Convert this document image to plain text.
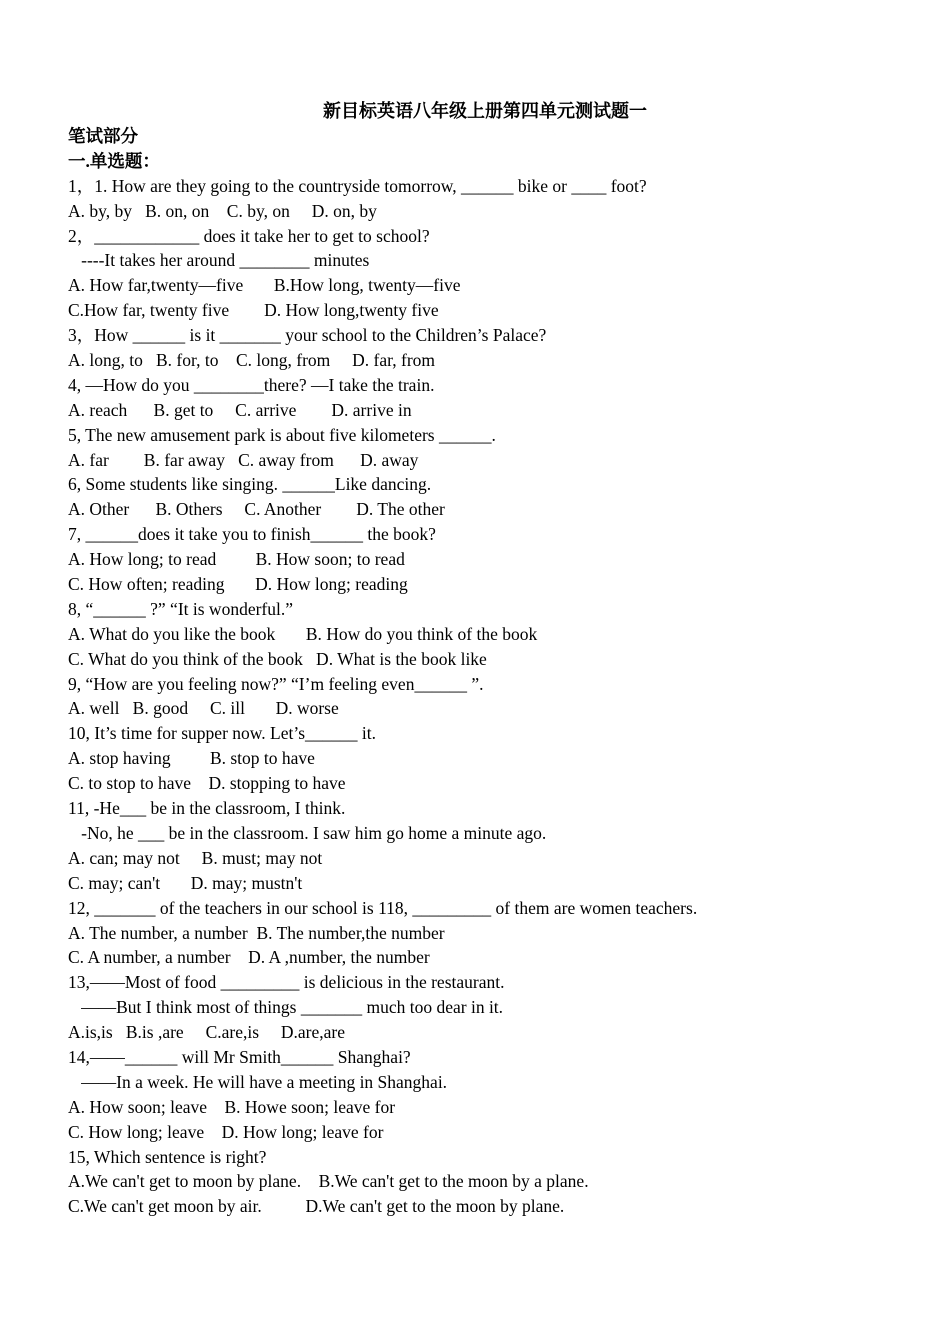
新目标英语八年级上册第四单元测试题一
笔试部分
一.单选题：
1，1. How are they going to the countryside tomorrow, ______ bike or ____ foot?
A. by, by   B. on, on    C. by, on     D. on, by
2，____________ does it take her to get to school?
----It takes her around ________ minutes
A. How far,twenty—five       B.How long, twenty—five
C.How far, twenty five        D. How long,twenty five
3，How ______ is it _______ your school to the Children’s Palace?
A. long, to   B. for, to    C. long, from     D. far, from
4, —How do you ________there? —I take the train.
A. reach      B. get to     C. arrive        D. arrive in
5, The new amusement park is about five kilometers ______.
A. far        B. far away   C. away from      D. away
6, Some students like singing. ______Like dancing.
A. Other      B. Others     C. Another        D. The other
7, ______does it take you to finish______ the book?
A. How long; to read         B. How soon; to read
C. How often; reading       D. How long; reading
8, “______ ?” “It is wonderful.”
A. What do you like the book       B. How do you think of the book
C. What do you think of the book   D. What is the book like
9, “How are you feeling now?” “I’m feeling even______ ”.
A. well   B. good     C. ill       D. worse
10, It’s time for supper now. Let’s______ it.
A. stop having         B. stop to have
C. to stop to have    D. stopping to have
11, -He___ be in the classroom, I think.
-No, he ___ be in the classroom. I saw him go home a minute ago.
A. can; may not     B. must; may not
C. may; can't       D. may; mustn't
12, _______ of the teachers in our school is 118, _________ of them are women teachers.
A. The number, a number  B. The number,the number
C. A number, a number    D. A ,number, the number
13,——Most of food _________ is delicious in the restaurant.
——But I think most of things _______ much too dear in it.
A.is,is   B.is ,are     C.are,is     D.are,are
14,——______ will Mr Smith______ Shanghai?
——In a week. He will have a meeting in Shanghai.
A. How soon; leave    B. Howe soon; leave for
C. How long; leave    D. How long; leave for
15, Which sentence is right?
A.We can't get to moon by plane.    B.We can't get to the moon by a plane.
C.We can't get moon by air.          D.We can't get to the moon by plane.
